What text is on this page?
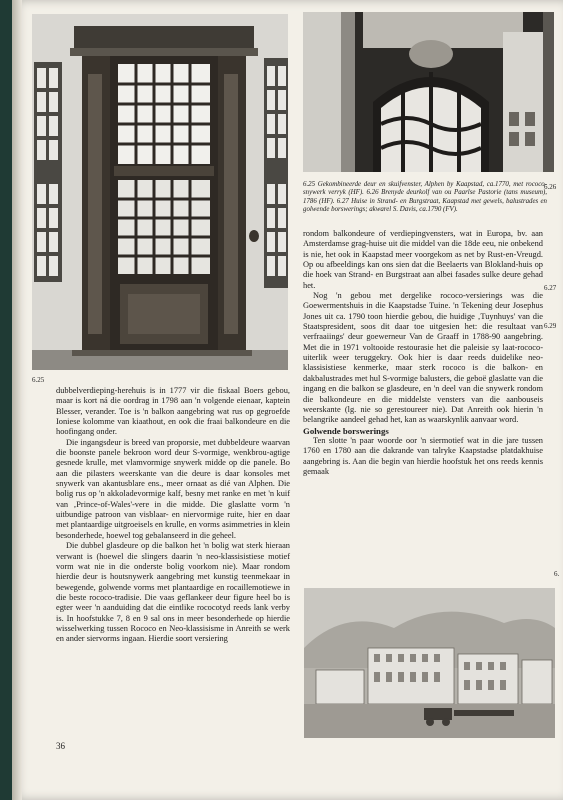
6.25 Gekombineerde deur en skuifvenster, Alphen by Kaapstad, ca.1770, met rococo-snywerk verryk (HF). 6.26 Brenyde deurkolf van ou Paarlse Pastorie (tans museum), 1786 (HF). 6.27 Huise in Strand- en Burgstraat, Kaapstad met gewels, balustrades en golwende borswerings; akwarel S. Davis, ca.1790 (FV).
6.25
6.26
6.27
6.29
6.

dubbelverdieping-herehuis is in 1777 vir die fiskaal Boers gebou, maar is kort ná die oordrag in 1798 aan 'n volgende eienaar, kaptein Blesser, verander. Toe is 'n balkon aangebring wat rus op gegroefde Ioniese kolomme van kiaathout, en ook die fraai balkondeure en die hoofingang onder.

Die ingangsdeur is breed van proporsie, met dubbeldeure waarvan die boonste panele bekroon word deur S-vormige, wenkbrou-agtige gesnede krulle, met vlamvormige snywerk midde op die panele. Bo aan die pilasters weerskante van die deure is daar konsoles met snywerk van akantusblare ens., meer ornaat as dié van Alphen. Die bolig rus op 'n akkoladevormige kalf, besny met ranke en met 'n kuif van ‚Prince-of-Wales'-vere in die midde. Die glaslatte vorm 'n uitbundige patroon van visblaar- en niervormige ruite, hier en daar met plantaardige uitgroeisels en krulle, en vorms asimmetries in klein besonderhede, hoewel tog gebalanseerd in die geheel.

Die dubbel glasdeure op die balkon het 'n bolig wat sterk hieraan verwant is (hoewel die slingers daarin 'n neo-klassisistiese motief vorm wat nie in die onderste bolig voorkom nie). Maar rondom hierdie deur is houtsnywerk aangebring met kunstig teenmekaar in bewegende, golwende vorms met plantaardige en rocaillemotiewe in die beste rococo-tradisie. Die vaas geflankeer deur figure heel bo is egter weer 'n aanduiding dat die eintlike rococotyd reeds lank verby is. In hoofstukke 7, 8 en 9 sal ons in meer besonderhede op hierdie wisselwerking tussen Rococo en Neo-klassisisme in Anreith se werk en ander siervorms ingaan. Hierdie soort versiering

rondom balkondeure of verdiepingvensters, wat in Europa, bv. aan Amsterdamse grag-huise uit die middel van die 18de eeu, nie onbekend is nie, het ook in Kaapstad meer voorgekom as net by Rust-en-Vreugd. Op ou afbeeldings kan ons sien dat die Beelaerts van Blokland-huis op die hoek van Strand- en Burgstraat aan albei fasades sulke deure gehad het.

Nog 'n gebou met dergelike rococo-versierings was die Goewermentshuis in die Kaapstadse Tuine. 'n Tekening deur Josephus Jones uit ca. 1790 toon hierdie gebou, die huidige ‚Tuynhuys' van die Staatspresident, soos dit daar toe uitgesien het: die resultaat van verfraaiings' deur goewerneur Van de Graaff in 1788-90 aangebring. Met die in 1971 voltooide restourasie het die paleisie sy laat-rococo-uiterlik weer teruggekry. Ook hier is daar reeds duidelike neo-klassisistiese kenmerke, maar sterk rococo is die balkon- en dakbalustrades met hul S-vormige balusters, die geboë glaslatte van die ingang en die balkon se glasdeure, en 'n deel van die snywerk rondom die balkondeure en die middelste vensters van die aanbouseis weerskante (lg. nie so gerestoureer nie). Dat Anreith ook hierin 'n belangrike aandeel gehad het, kan as waarskynlik aanvaar word.

Golwende borswerings

Ten slotte 'n paar woorde oor 'n siermotief wat in die jare tussen 1760 en 1780 aan die dakrande van talryke Kaapstadse platdakhuise aangebring is. Aan die begin van hierdie hoofstuk het ons reeds kennis gemaak

36
